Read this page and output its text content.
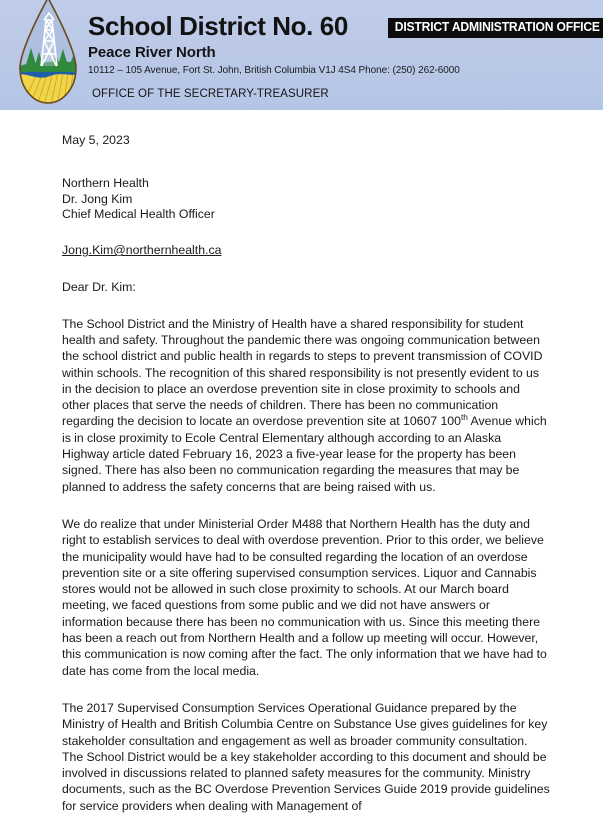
School District No. 60
Peace River North
10112 – 105 Avenue, Fort St. John, British Columbia V1J 4S4 Phone: (250) 262-6000
OFFICE OF THE SECRETARY-TREASURER
DISTRICT ADMINISTRATION OFFICE
May 5, 2023
Northern Health
Dr. Jong Kim
Chief Medical Health Officer
Jong.Kim@northernhealth.ca
Dear Dr. Kim:

The School District and the Ministry of Health have a shared responsibility for student health and safety. Throughout the pandemic there was ongoing communication between the school district and public health in regards to steps to prevent transmission of COVID within schools. The recognition of this shared responsibility is not presently evident to us in the decision to place an overdose prevention site in close proximity to schools and other places that serve the needs of children. There has been no communication regarding the decision to locate an overdose prevention site at 10607 100th Avenue which is in close proximity to Ecole Central Elementary although according to an Alaska Highway article dated February 16, 2023 a five-year lease for the property has been signed. There has also been no communication regarding the measures that may be planned to address the safety concerns that are being raised with us.

We do realize that under Ministerial Order M488 that Northern Health has the duty and right to establish services to deal with overdose prevention. Prior to this order, we believe the municipality would have had to be consulted regarding the location of an overdose prevention site or a site offering supervised consumption services. Liquor and Cannabis stores would not be allowed in such close proximity to schools. At our March board meeting, we faced questions from some public and we did not have answers or information because there has been no communication with us. Since this meeting there has been a reach out from Northern Health and a follow up meeting will occur. However, this communication is now coming after the fact. The only information that we have had to date has come from the local media.

The 2017 Supervised Consumption Services Operational Guidance prepared by the Ministry of Health and British Columbia Centre on Substance Use gives guidelines for key stakeholder consultation and engagement as well as broader community consultation. The School District would be a key stakeholder according to this document and should be involved in discussions related to planned safety measures for the community. Ministry documents, such as the BC Overdose Prevention Services Guide 2019 provide guidelines for service providers when dealing with Management of
